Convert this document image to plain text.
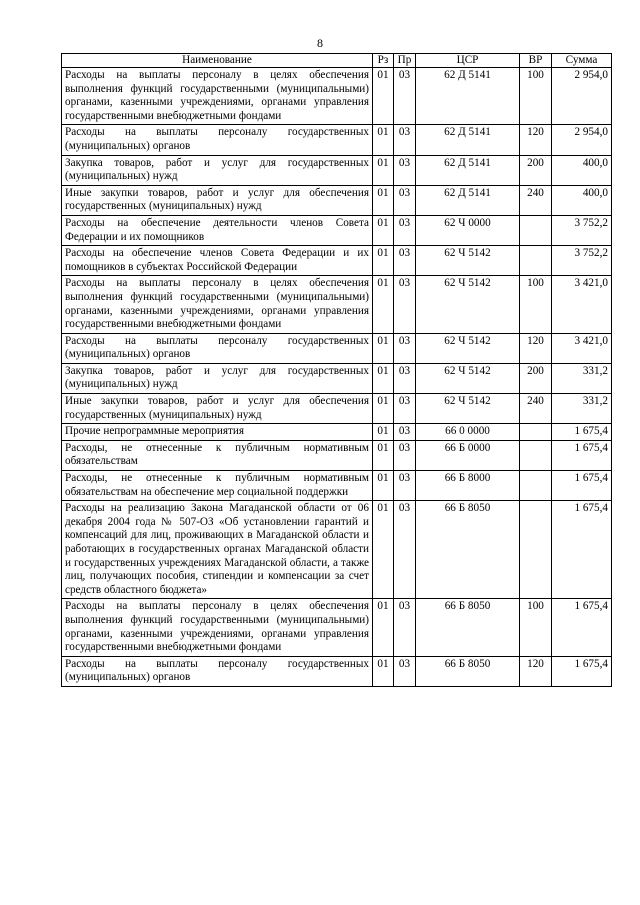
8
Наименование	Рз	Пр	ЦСР	ВР	Сумма
Расходы на выплаты персоналу в целях обеспечения выполнения функций государственными (муниципальными) органами, казенными учреждениями, органами управления государственными внебюджетными фондами	01	03	62 Д 5141	100	2 954,0
Расходы на выплаты персоналу государственных (муниципальных) органов	01	03	62 Д 5141	120	2 954,0
Закупка товаров, работ и услуг для государственных (муниципальных) нужд	01	03	62 Д 5141	200	400,0
Иные закупки товаров, работ и услуг для обеспечения государственных (муниципальных) нужд	01	03	62 Д 5141	240	400,0
Расходы на обеспечение деятельности членов Совета Федерации и их помощников	01	03	62 Ч 0000		3 752,2
Расходы на обеспечение членов Совета Федерации и их помощников в субъектах Российской Федерации	01	03	62 Ч 5142		3 752,2
Расходы на выплаты персоналу в целях обеспечения выполнения функций государственными (муниципальными) органами, казенными учреждениями, органами управления государственными внебюджетными фондами	01	03	62 Ч 5142	100	3 421,0
Расходы на выплаты персоналу государственных (муниципальных) органов	01	03	62 Ч 5142	120	3 421,0
Закупка товаров, работ и услуг для государственных (муниципальных) нужд	01	03	62 Ч 5142	200	331,2
Иные закупки товаров, работ и услуг для обеспечения государственных (муниципальных) нужд	01	03	62 Ч 5142	240	331,2
Прочие непрограммные мероприятия	01	03	66 0 0000		1 675,4
Расходы, не отнесенные к публичным нормативным обязательствам	01	03	66 Б 0000		1 675,4
Расходы, не отнесенные к публичным нормативным обязательствам на обеспечение мер социальной поддержки	01	03	66 Б 8000		1 675,4
Расходы на реализацию Закона Магаданской области от 06 декабря 2004 года № 507-ОЗ «Об установлении гарантий и компенсаций для лиц, проживающих в Магаданской области и работающих в государственных органах Магаданской области и государственных учреждениях Магаданской области, а также лиц, получающих пособия, стипендии и компенсации за счет средств областного бюджета»	01	03	66 Б 8050		1 675,4
Расходы на выплаты персоналу в целях обеспечения выполнения функций государственными (муниципальными) органами, казенными учреждениями, органами управления государственными внебюджетными фондами	01	03	66 Б 8050	100	1 675,4
Расходы на выплаты персоналу государственных (муниципальных) органов	01	03	66 Б 8050	120	1 675,4
